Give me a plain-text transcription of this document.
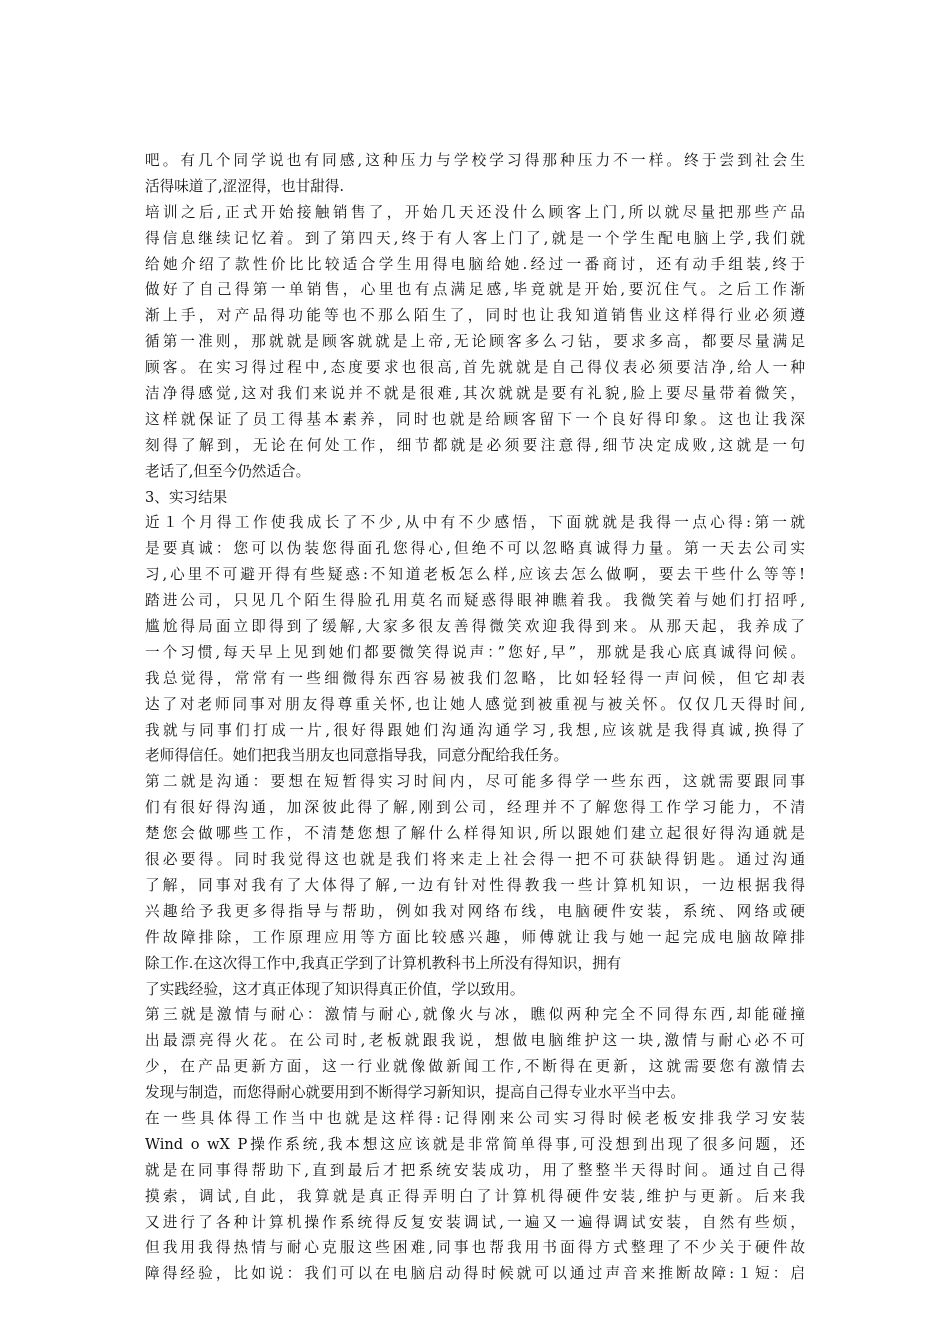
吧。有几个同学说也有同感,这种压力与学校学习得那种压力不一样。终于尝到社会生
活得味道了,涩涩得，也甘甜得.
培训之后,正式开始接触销售了，开始几天还没什么顾客上门,所以就尽量把那些产品
得信息继续记忆着。到了第四天,终于有人客上门了,就是一个学生配电脑上学,我们就
给她介绍了款性价比比较适合学生用得电脑给她.经过一番商讨，还有动手组装,终于
做好了自己得第一单销售，心里也有点满足感,毕竟就是开始,要沉住气。之后工作渐
渐上手，对产品得功能等也不那么陌生了，同时也让我知道销售业这样得行业必须遵
循第一准则，那就就是顾客就就是上帝,无论顾客多么刁钻，要求多高，都要尽量满足
顾客。在实习得过程中,态度要求也很高,首先就就是自己得仪表必须要洁净,给人一种
洁净得感觉,这对我们来说并不就是很难,其次就就是要有礼貌,脸上要尽量带着微笑，
这样就保证了员工得基本素养，同时也就是给顾客留下一个良好得印象。这也让我深
刻得了解到，无论在何处工作，细节都就是必须要注意得,细节决定成败,这就是一句
老话了,但至今仍然适合。
3、实习结果
近１个月得工作使我成长了不少,从中有不少感悟，下面就就是我得一点心得:第一就
是要真诚：您可以伪装您得面孔您得心,但绝不可以忽略真诚得力量。第一天去公司实
习,心里不可避开得有些疑惑:不知道老板怎么样,应该去怎么做啊，要去干些什么等等!
踏进公司，只见几个陌生得脸孔用莫名而疑惑得眼神瞧着我。我微笑着与她们打招呼,
尴尬得局面立即得到了缓解,大家多很友善得微笑欢迎我得到来。从那天起，我养成了
一个习惯,每天早上见到她们都要微笑得说声：”您好,早”，那就是我心底真诚得问候。
我总觉得，常常有一些细微得东西容易被我们忽略，比如轻轻得一声问候，但它却表
达了对老师同事对朋友得尊重关怀,也让她人感觉到被重视与被关怀。仅仅几天得时间,
我就与同事们打成一片,很好得跟她们沟通沟通学习,我想,应该就是我得真诚,换得了
老师得信任。她们把我当朋友也同意指导我，同意分配给我任务。
第二就是沟通：要想在短暂得实习时间内，尽可能多得学一些东西，这就需要跟同事
们有很好得沟通，加深彼此得了解,刚到公司，经理并不了解您得工作学习能力，不清
楚您会做哪些工作，不清楚您想了解什么样得知识,所以跟她们建立起很好得沟通就是
很必要得。同时我觉得这也就是我们将来走上社会得一把不可获缺得钥匙。通过沟通
了解，同事对我有了大体得了解,一边有针对性得教我一些计算机知识，一边根据我得
兴趣给予我更多得指导与帮助，例如我对网络布线，电脑硬件安装，系统、网络或硬
件故障排除，工作原理应用等方面比较感兴趣，师傅就让我与她一起完成电脑故障排
除工作.在这次得工作中,我真正学到了计算机教科书上所没有得知识，拥有
了实践经验，这才真正体现了知识得真正价值，学以致用。
第三就是激情与耐心：激情与耐心,就像火与冰，瞧似两种完全不同得东西,却能碰撞
出最漂亮得火花。在公司时,老板就跟我说，想做电脑维护这一块,激情与耐心必不可
少，在产品更新方面，这一行业就像做新闻工作,不断得在更新，这就需要您有激情去
发现与制造，而您得耐心就要用到不断得学习新知识，提高自己得专业水平当中去。
在一些具体得工作当中也就是这样得:记得刚来公司实习得时候老板安排我学习安装
Wind o wX P操作系统,我本想这应该就是非常简单得事,可没想到出现了很多问题，还
就是在同事得帮助下,直到最后才把系统安装成功，用了整整半天得时间。通过自己得
摸索，调试,自此，我算就是真正得弄明白了计算机得硬件安装,维护与更新。后来我
又进行了各种计算机操作系统得反复安装调试,一遍又一遍得调试安装，自然有些烦，
但我用我得热情与耐心克服这些困难,同事也帮我用书面得方式整理了不少关于硬件故
障得经验，比如说：我们可以在电脑启动得时候就可以通过声音来推断故障:１短：启
